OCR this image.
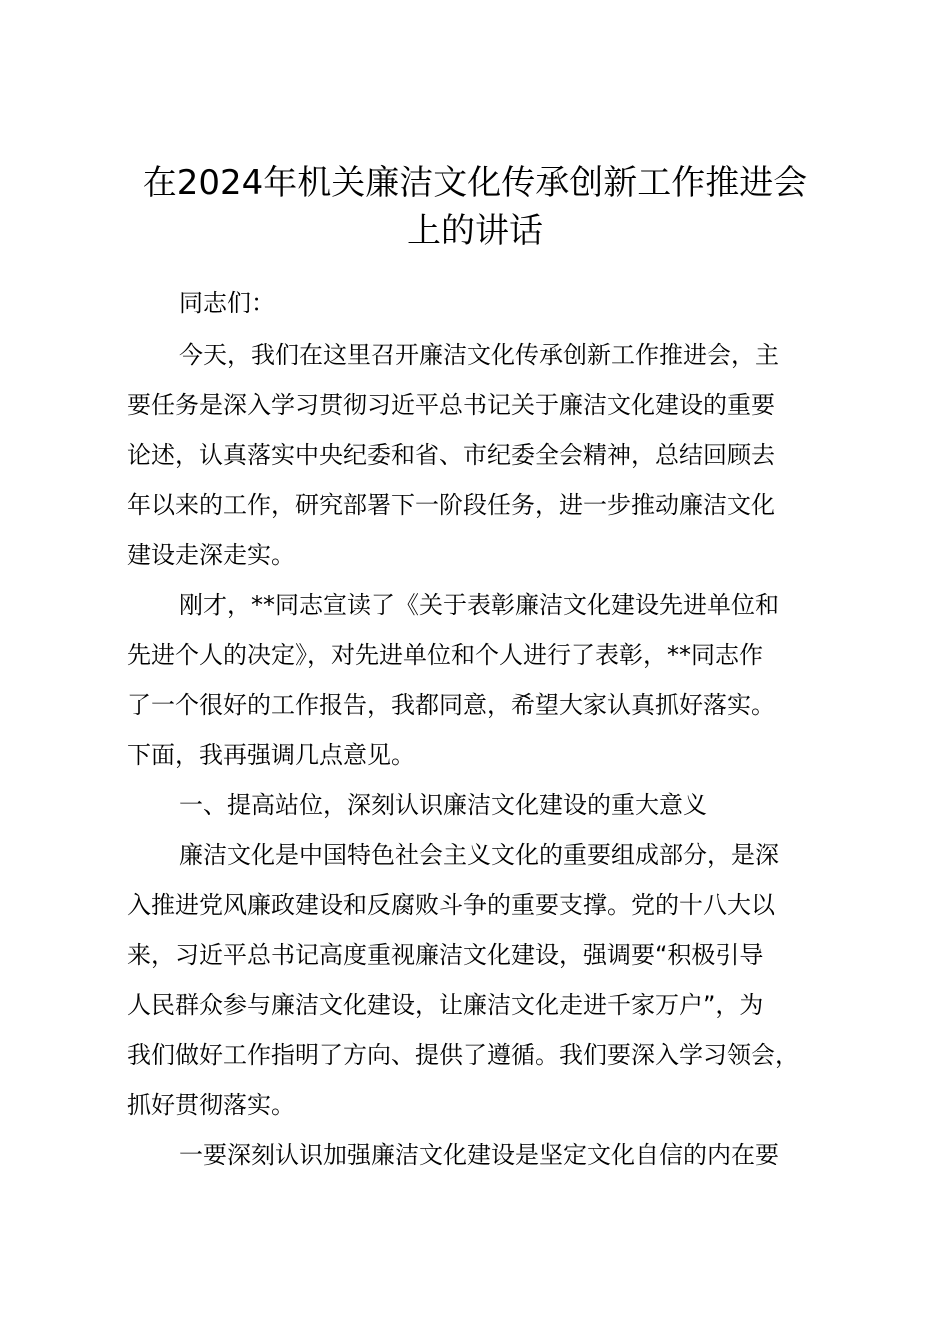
在2024年机关廉洁文化传承创新工作推进会
上的讲话

同志们：

今天，我们在这里召开廉洁文化传承创新工作推进会，主

要任务是深入学习贯彻习近平总书记关于廉洁文化建设的重要

论述，认真落实中央纪委和省、市纪委全会精神，总结回顾去

年以来的工作，研究部署下一阶段任务，进一步推动廉洁文化

建设走深走实。

刚才，**同志宣读了《关于表彰廉洁文化建设先进单位和

先进个人的决定》，对先进单位和个人进行了表彰，**同志作

了一个很好的工作报告，我都同意，希望大家认真抓好落实。

下面，我再强调几点意见。

一、提高站位，深刻认识廉洁文化建设的重大意义

廉洁文化是中国特色社会主义文化的重要组成部分，是深

入推进党风廉政建设和反腐败斗争的重要支撑。党的十八大以

来，习近平总书记高度重视廉洁文化建设，强调要“积极引导

人民群众参与廉洁文化建设，让廉洁文化走进千家万户”，为

我们做好工作指明了方向、提供了遵循。我们要深入学习领会，

抓好贯彻落实。

一要深刻认识加强廉洁文化建设是坚定文化自信的内在要
